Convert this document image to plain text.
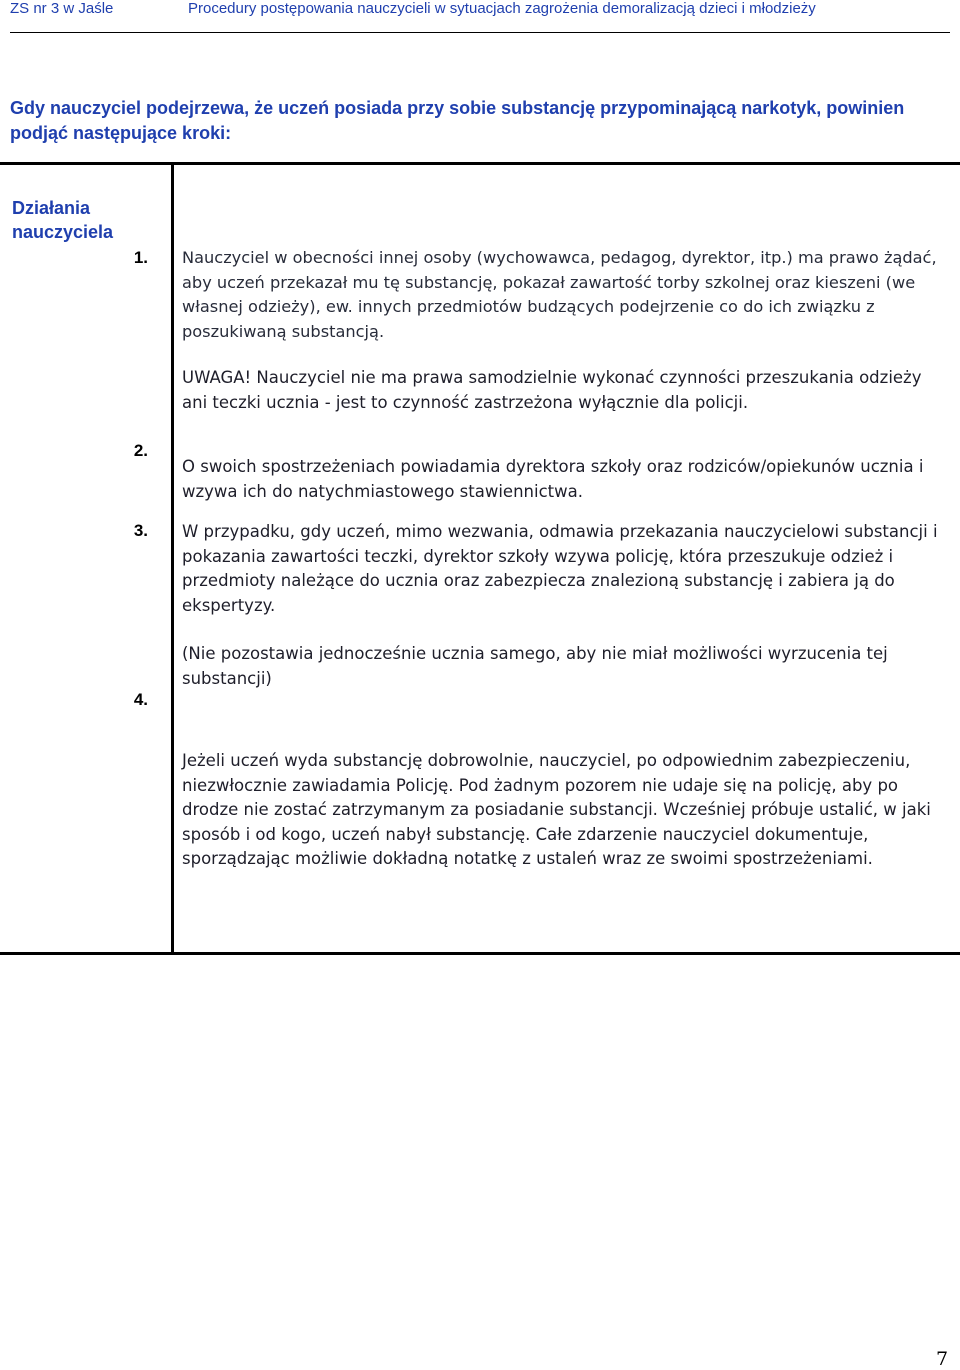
ZS nr 3 w Jaśle	Procedury postępowania nauczycieli w sytuacjach zagrożenia demoralizacją dzieci i młodzieży
Gdy nauczyciel podejrzewa, że uczeń posiada przy sobie substancję przypominającą narkotyk, powinien podjąć następujące kroki:
Działania nauczyciela
1.
2.
3.
4.
Nauczyciel w obecności innej osoby (wychowawca, pedagog, dyrektor, itp.) ma prawo żądać, aby uczeń przekazał mu tę substancję, pokazał zawartość torby szkolnej oraz kieszeni (we własnej odzieży), ew. innych przedmiotów budzących podejrzenie co do ich związku z poszukiwaną substancją.
UWAGA! Nauczyciel nie ma prawa samodzielnie wykonać czynności przeszukania odzieży ani teczki ucznia - jest to czynność zastrzeżona wyłącznie dla policji.
O swoich spostrzeżeniach powiadamia dyrektora szkoły oraz rodziców/opiekunów ucznia i wzywa ich do natychmiastowego stawiennictwa.
W przypadku, gdy uczeń, mimo wezwania, odmawia przekazania nauczycielowi substancji i pokazania zawartości teczki, dyrektor szkoły wzywa policję, która przeszukuje odzież i przedmioty należące do ucznia oraz zabezpiecza znalezioną substancję i zabiera ją do ekspertyzy.
(Nie pozostawia jednocześnie ucznia samego, aby nie miał możliwości wyrzucenia tej substancji)
Jeżeli uczeń wyda substancję dobrowolnie, nauczyciel, po odpowiednim zabezpieczeniu, niezwłocznie zawiadamia Policję. Pod żadnym pozorem nie udaje się na policję, aby po drodze nie zostać zatrzymanym za posiadanie substancji. Wcześniej próbuje ustalić, w jaki sposób i od kogo, uczeń nabył substancję. Całe zdarzenie nauczyciel dokumentuje, sporządzając możliwie dokładną notatkę z ustaleń wraz ze swoimi spostrzeżeniami.
7
